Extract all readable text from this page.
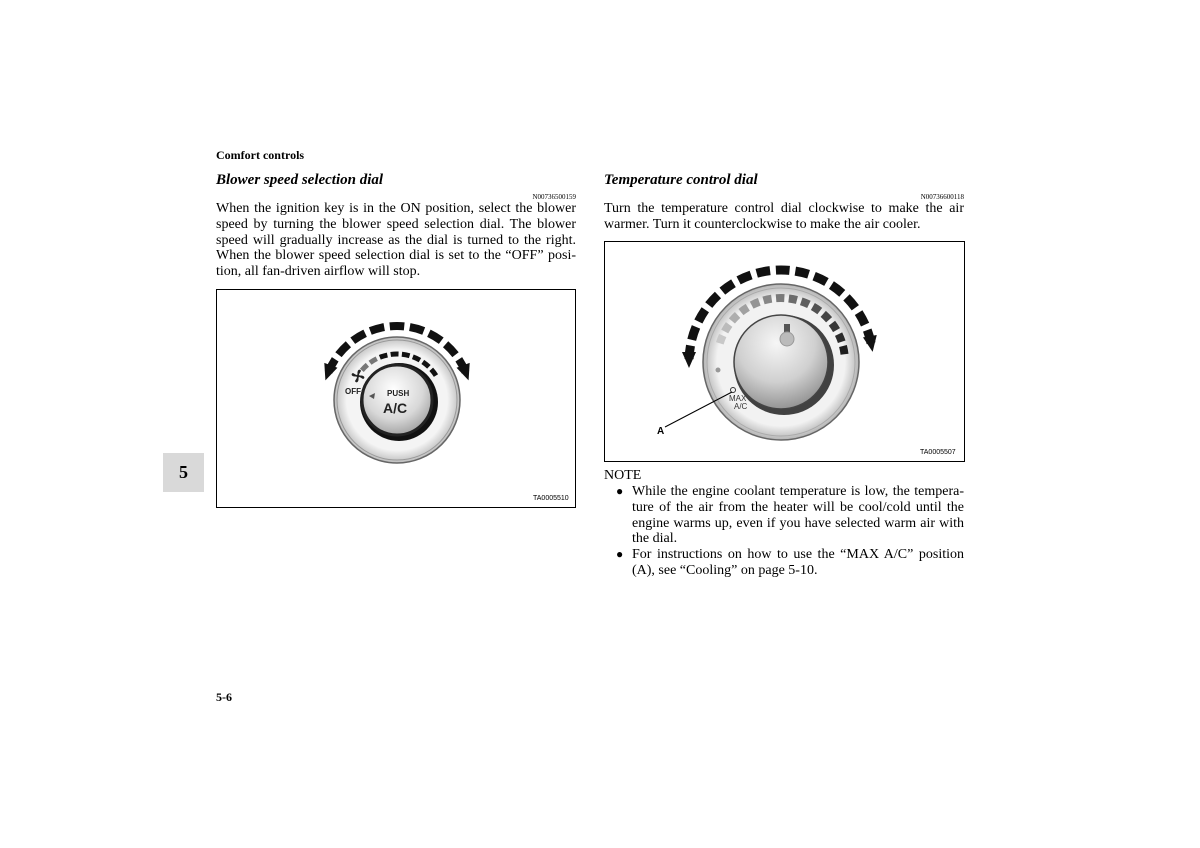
Comfort controls
5
Blower speed selection dial
N00736500159
When the ignition key is in the ON position, select the blower
speed by turning the blower speed selection dial. The blower
speed will gradually increase as the dial is turned to the right.
When the blower speed selection dial is set to the “OFF” posi-
tion, all fan-driven airflow will stop.
OFF	PUSH
A/C
TA0005510
Temperature control dial
N00736600118
Turn the temperature control dial clockwise to make the air
warmer. Turn it counterclockwise to make the air cooler.
MAX
A/C
A
TA0005507
NOTE
● While the engine coolant temperature is low, the tempera-
ture of the air from the heater will be cool/cold until the
engine warms up, even if you have selected warm air with
the dial.
● For instructions on how to use the “MAX A/C” position
(A), see “Cooling” on page 5-10.
5-6
